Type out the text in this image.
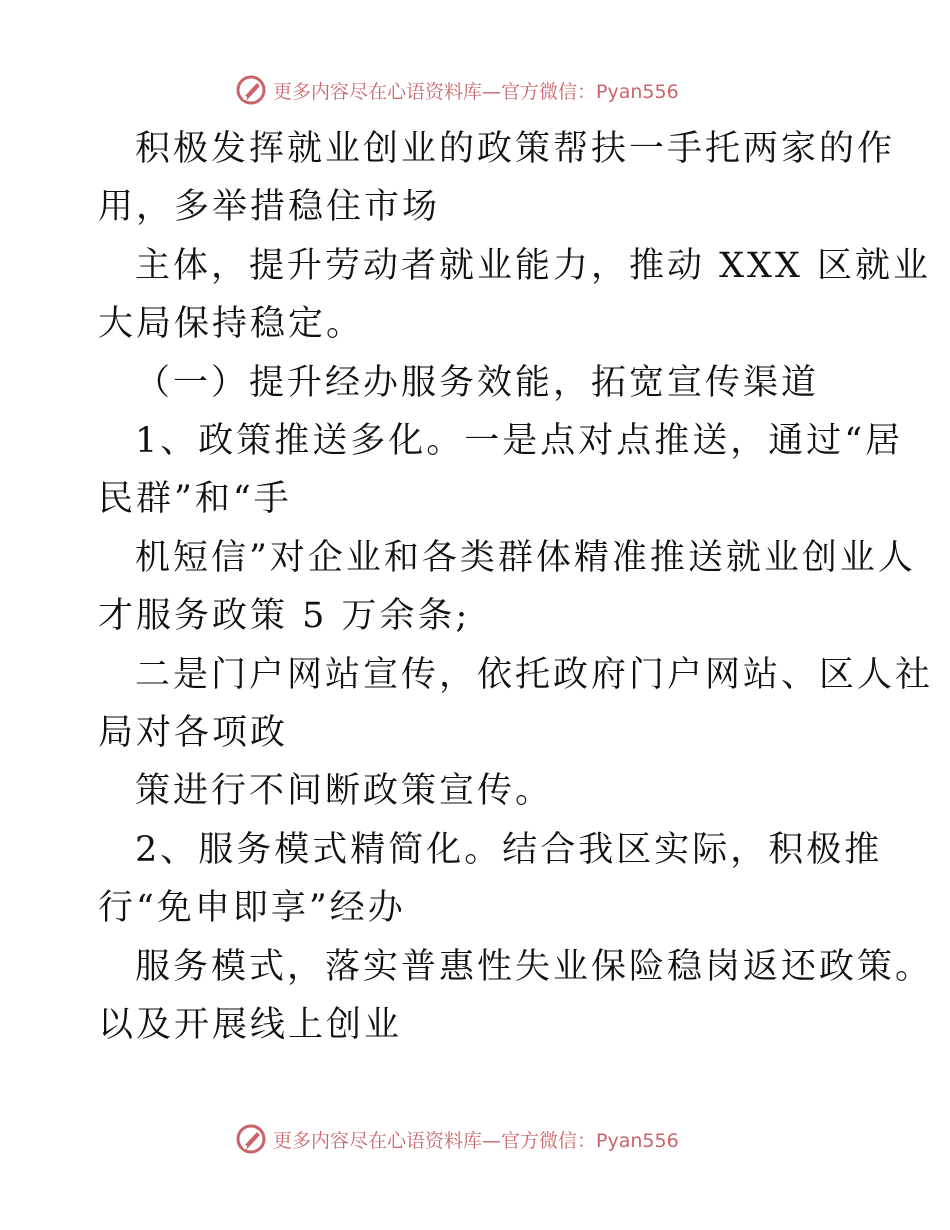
更多内容尽在心语资料库—官方微信：Pyan556

积极发挥就业创业的政策帮扶一手托两家的作

用，多举措稳住市场

主体，提升劳动者就业能力，推动 XXX 区就业

大局保持稳定。

（一）提升经办服务效能，拓宽宣传渠道

1、政策推送多化。一是点对点推送，通过“居

民群”和“手

机短信”对企业和各类群体精准推送就业创业人

才服务政策 5 万余条;

二是门户网站宣传，依托政府门户网站、区人社

局对各项政

策进行不间断政策宣传。

2、服务模式精简化。结合我区实际，积极推

行“免申即享”经办

服务模式，落实普惠性失业保险稳岗返还政策。

以及开展线上创业

更多内容尽在心语资料库—官方微信：Pyan556
